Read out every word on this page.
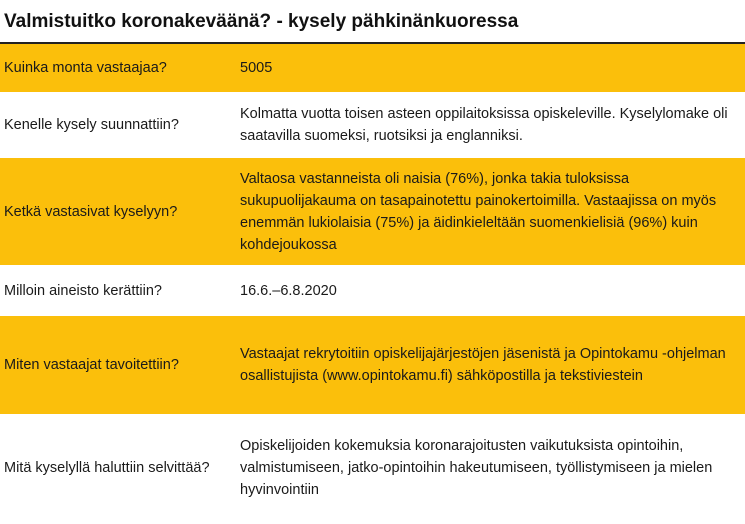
Valmistuitko koronakeväänä? - kysely pähkinänkuoressa
Kuinka monta vastaajaa?	5005
Kenelle kysely suunnattiin?
Kolmatta vuotta toisen asteen oppilaitoksissa opiskeleville. Kyselylomake oli saatavilla suomeksi, ruotsiksi ja englanniksi.
Ketkä vastasivat kyselyyn?
Valtaosa vastanneista oli naisia (76%), jonka takia tuloksissa sukupuolijakauma on tasapainotettu painokertoimilla. Vastaajissa on myös enemmän lukiolaisia (75%) ja äidinkieleltään suomenkielisiä (96%) kuin kohdejoukossa
Milloin aineisto kerättiin?	16.6.–6.8.2020
Miten vastaajat tavoitettiin?
Vastaajat rekrytoitiin opiskelijajärjestöjen jäsenistä ja Opintokamu -ohjelman osallistujista (www.opintokamu.fi) sähköpostilla ja tekstiviestein
Mitä kyselyllä haluttiin selvittää?
Opiskelijoiden kokemuksia koronarajoitusten vaikutuksista opintoihin, valmistumiseen, jatko-opintoihin hakeutumiseen, työllistymiseen ja mielen hyvinvointiin
